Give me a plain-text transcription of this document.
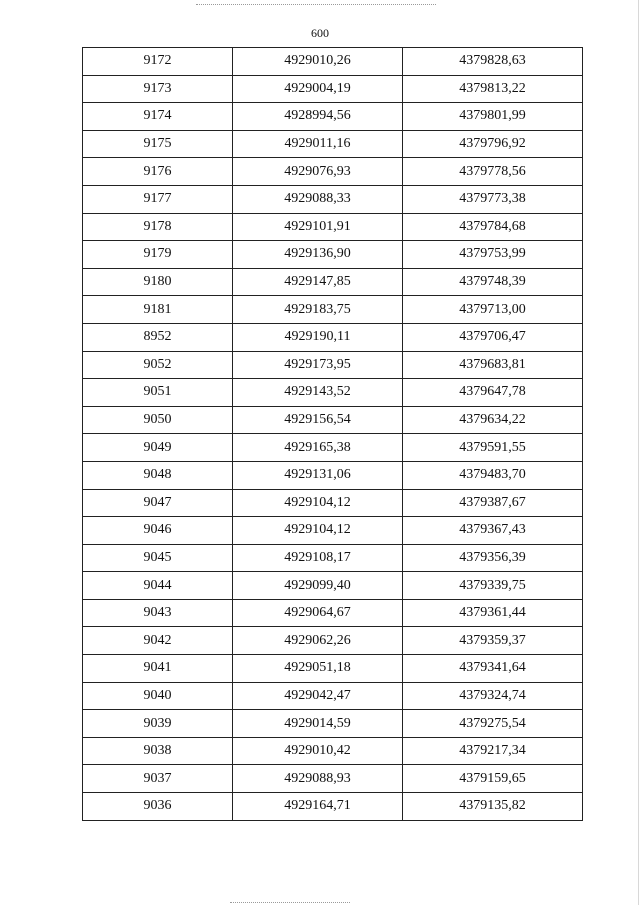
600
9172	4929010,26	4379828,63
9173	4929004,19	4379813,22
9174	4928994,56	4379801,99
9175	4929011,16	4379796,92
9176	4929076,93	4379778,56
9177	4929088,33	4379773,38
9178	4929101,91	4379784,68
9179	4929136,90	4379753,99
9180	4929147,85	4379748,39
9181	4929183,75	4379713,00
8952	4929190,11	4379706,47
9052	4929173,95	4379683,81
9051	4929143,52	4379647,78
9050	4929156,54	4379634,22
9049	4929165,38	4379591,55
9048	4929131,06	4379483,70
9047	4929104,12	4379387,67
9046	4929104,12	4379367,43
9045	4929108,17	4379356,39
9044	4929099,40	4379339,75
9043	4929064,67	4379361,44
9042	4929062,26	4379359,37
9041	4929051,18	4379341,64
9040	4929042,47	4379324,74
9039	4929014,59	4379275,54
9038	4929010,42	4379217,34
9037	4929088,93	4379159,65
9036	4929164,71	4379135,82
